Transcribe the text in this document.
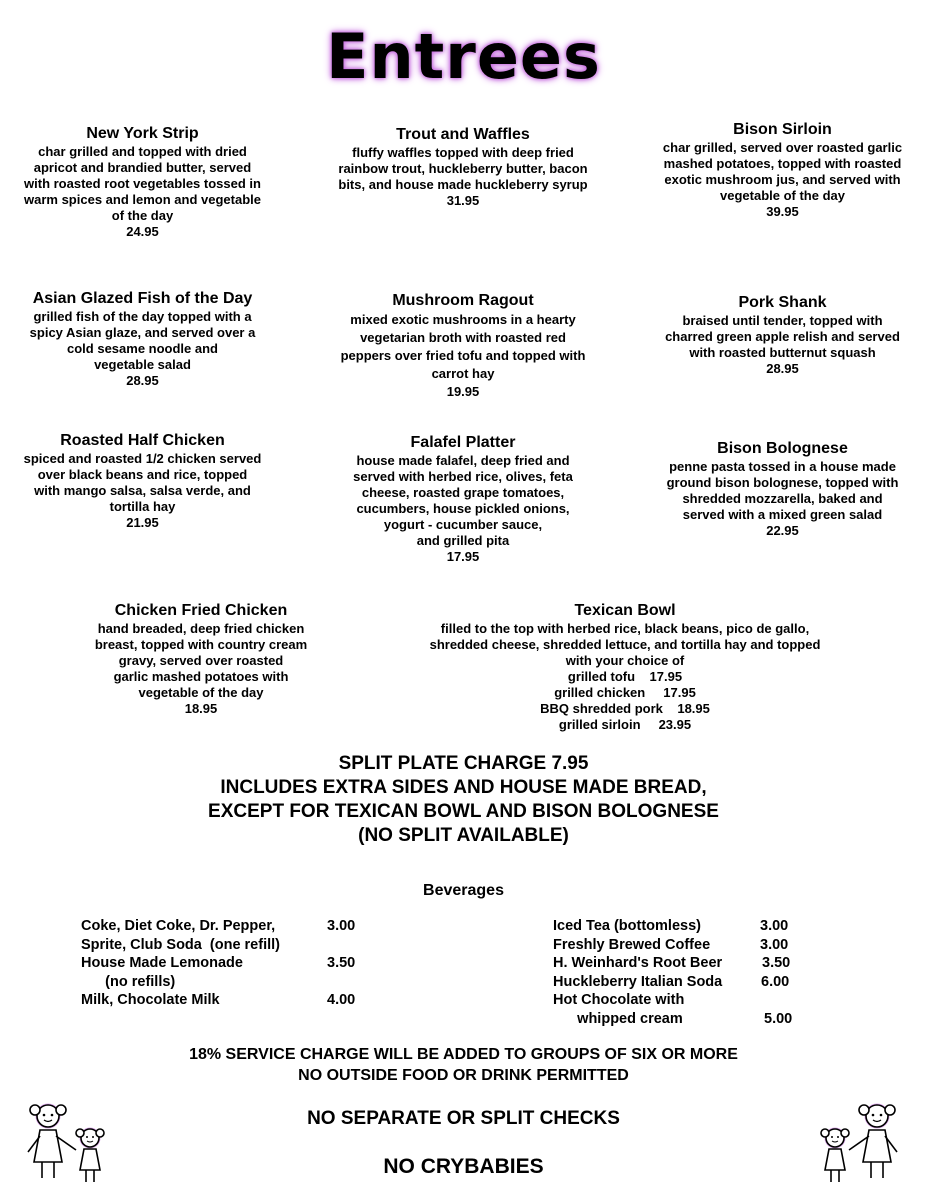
Entrees
New York Strip
char grilled and topped with dried
apricot and brandied butter, served
with roasted root vegetables tossed in
warm spices and lemon and vegetable
of the day
24.95
Trout and Waffles
fluffy waffles topped with deep fried
rainbow trout, huckleberry butter, bacon
bits, and house made huckleberry syrup
31.95
Bison Sirloin
char grilled, served over roasted garlic
mashed potatoes, topped with roasted
exotic mushroom jus, and served with
vegetable of the day
39.95
Asian Glazed Fish of the Day
grilled fish of the day topped with a
spicy Asian glaze, and served over a
cold sesame noodle and
vegetable salad
28.95
Mushroom Ragout
mixed exotic mushrooms in a hearty
vegetarian broth with roasted red
peppers over fried tofu and topped with
carrot hay
19.95
Pork Shank
braised until tender, topped with
charred green apple relish and served
with roasted butternut squash
28.95
Roasted Half Chicken
spiced and roasted 1/2 chicken served
over black beans and rice, topped
with mango salsa, salsa verde, and
tortilla hay
21.95
Falafel Platter
house made falafel, deep fried and
served with herbed rice, olives, feta
cheese, roasted grape tomatoes,
cucumbers, house pickled onions,
yogurt - cucumber sauce,
and grilled pita
17.95
Bison Bolognese
penne pasta tossed in a house made
ground bison bolognese, topped with
shredded mozzarella, baked and
served with a mixed green salad
22.95
Chicken Fried Chicken
hand breaded, deep fried chicken
breast, topped with country cream
gravy, served over roasted
garlic mashed potatoes with
vegetable of the day
18.95
Texican Bowl
filled to the top with herbed rice, black beans, pico de gallo,
shredded cheese, shredded lettuce, and tortilla hay and topped
with your choice of
grilled tofu    17.95
grilled chicken     17.95
BBQ shredded pork    18.95
grilled sirloin     23.95
SPLIT PLATE CHARGE 7.95
INCLUDES EXTRA SIDES AND HOUSE MADE BREAD,
EXCEPT FOR TEXICAN BOWL AND BISON BOLOGNESE
(NO SPLIT AVAILABLE)
Beverages
Coke, Diet Coke, Dr. Pepper,	3.00
Sprite, Club Soda  (one refill)
House Made Lemonade	3.50
(no refills)
Milk, Chocolate Milk	4.00
Iced Tea (bottomless)	3.00
Freshly Brewed Coffee	3.00
H. Weinhard's Root Beer	3.50
Huckleberry Italian Soda	6.00
Hot Chocolate with
whipped cream	5.00
18% SERVICE CHARGE WILL BE ADDED TO GROUPS OF SIX OR MORE
NO OUTSIDE FOOD OR DRINK PERMITTED
NO SEPARATE OR SPLIT CHECKS
NO CRYBABIES
